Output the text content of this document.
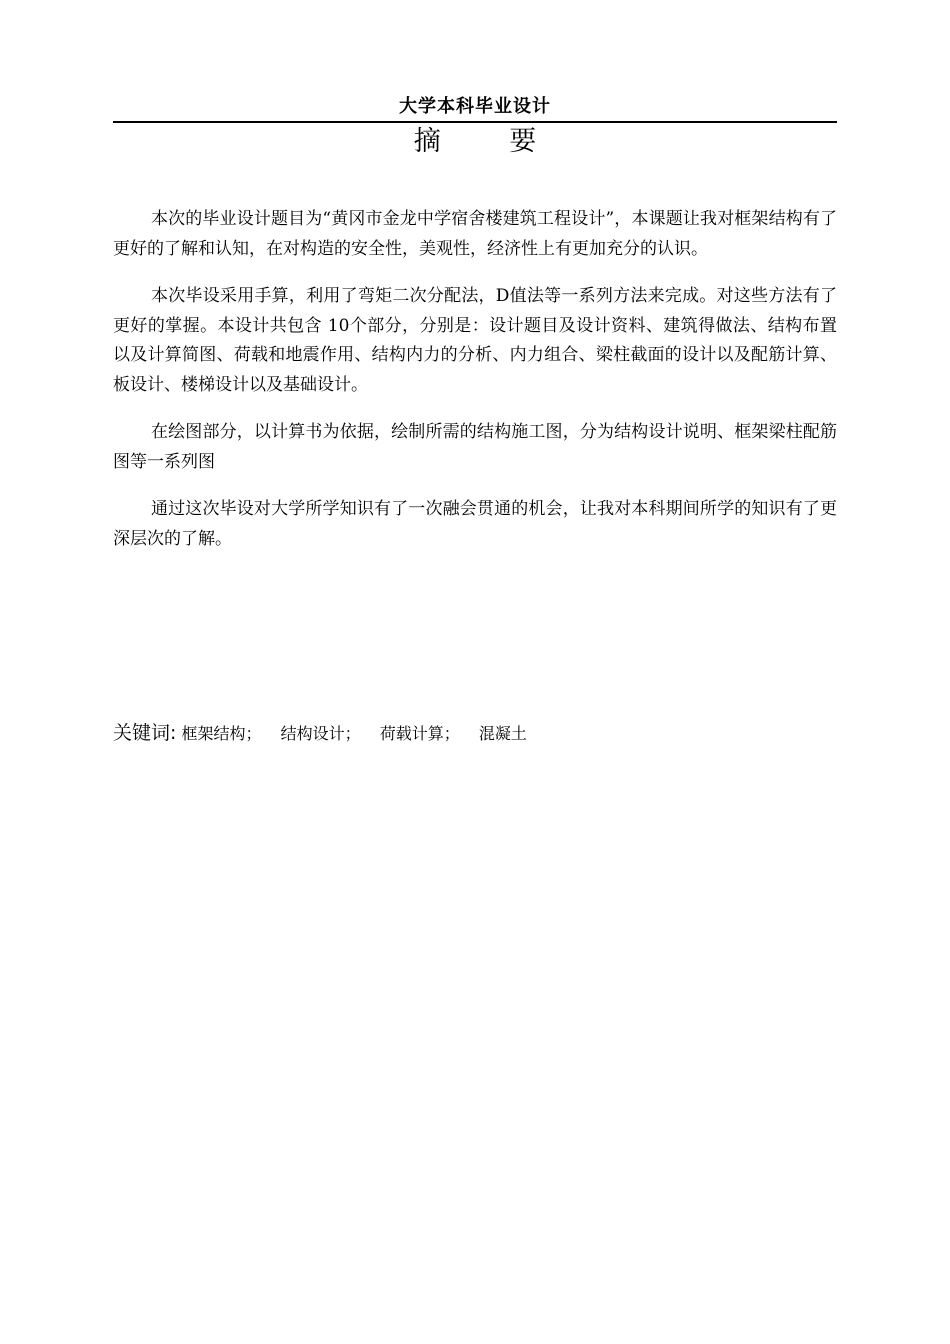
大学本科毕业设计
摘 要

本次的毕业设计题目为“黄冈市金龙中学宿舍楼建筑工程设计”，本课题让我对框架结构有了更好的了解和认知，在对构造的安全性，美观性，经济性上有更加充分的认识。

本次毕设采用手算，利用了弯矩二次分配法，D值法等一系列方法来完成。对这些方法有了更好的掌握。本设计共包含 10个部分，分别是：设计题目及设计资料、建筑得做法、结构布置以及计算简图、荷载和地震作用、结构内力的分析、内力组合、梁柱截面的设计以及配筋计算、板设计、楼梯设计以及基础设计。

在绘图部分，以计算书为依据，绘制所需的结构施工图，分为结构设计说明、框架梁柱配筋图等一系列图

通过这次毕设对大学所学知识有了一次融会贯通的机会，让我对本科期间所学的知识有了更深层次的了解。

关键词: 框架结构； 结构设计； 荷载计算； 混凝土
